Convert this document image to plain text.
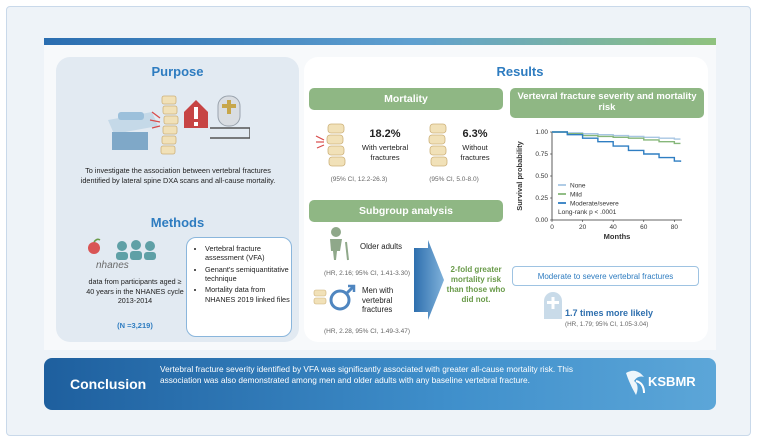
Purpose
To investigate the association between vertebral fractures identified by lateral spine DXA scans and all-cause mortality.
Methods
nhanes
data from participants aged ≥ 40 years in the NHANES cycle 2013-2014
(N =3,219)
• Vertebral fracture assessment (VFA)
• Genant's semiquantitative technique
• Mortality data from NHANES 2019 linked files
Results
Mortality
18.2%
With vertebral fractures
(95% CI, 12.2-26.3)
6.3%
Without fractures
(95% CI, 5.0-8.0)
Subgroup analysis
Older adults
(HR, 2.16; 95% CI, 1.41-3.30)
Men with vertebral fractures
(HR, 2.28, 95% CI, 1.49-3.47)
2-fold greater mortality risk than those who did not.
Vertevral fracture severity and mortality risk
0.00
0.25
0.50
0.75
1.00
0	20	40	60	80
Months
Survival probability	None
Mild
Moderate/severe
Long-rank p < .0001
Moderate to severe vertebral fractures
1.7 times more likely
(HR, 1.79; 95% CI, 1.05-3.04)
Conclusion
Vertebral fracture severity identified by VFA was significantly associated with greater all-cause mortality risk. This association was also demonstrated among men and older adults with any baseline vertebral fracture.	KSBMR
